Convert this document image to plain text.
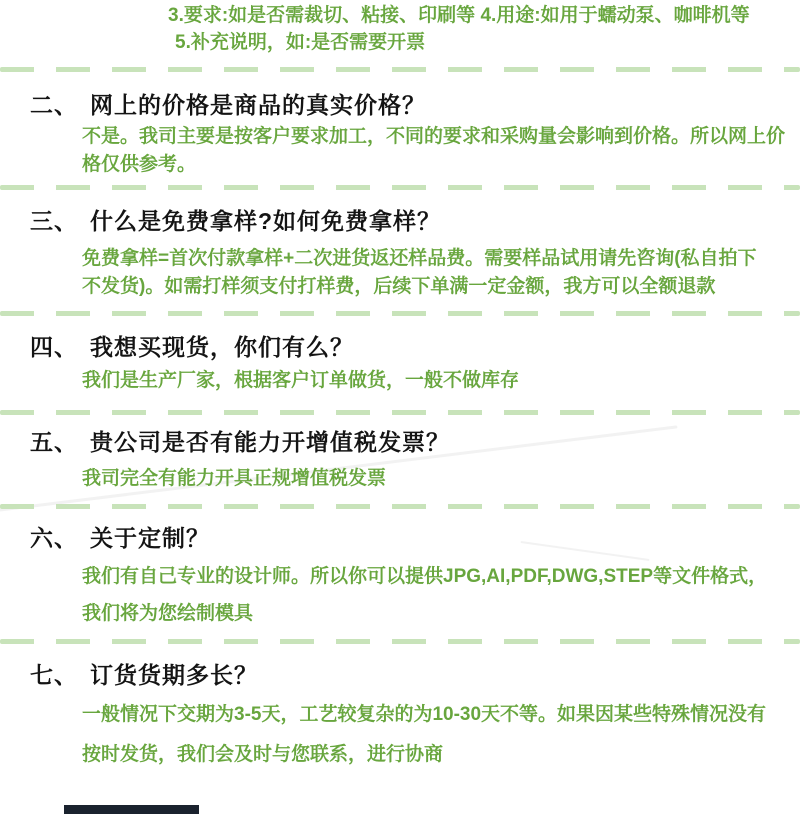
3.要求:如是否需裁切、粘接、印刷等 4.用途:如用于蠕动泵、咖啡机等
5.补充说明，如:是否需要开票
二、 网上的价格是商品的真实价格？
不是。我司主要是按客户要求加工，不同的要求和采购量会影响到价格。所以网上价
格仅供参考。
三、 什么是免费拿样?如何免费拿样？
免费拿样=首次付款拿样+二次进货返还样品费。需要样品试用请先咨询(私自拍下
不发货)。如需打样须支付打样费，后续下单满一定金额，我方可以全额退款
四、 我想买现货，你们有么？
我们是生产厂家，根据客户订单做货，一般不做库存
五、 贵公司是否有能力开增值税发票？
我司完全有能力开具正规增值税发票
六、 关于定制？
我们有自己专业的设计师。所以你可以提供JPG,AI,PDF,DWG,STEP等文件格式，
我们将为您绘制模具
七、 订货货期多长？
一般情况下交期为3-5天，工艺较复杂的为10-30天不等。如果因某些特殊情况没有
按时发货，我们会及时与您联系，进行协商
